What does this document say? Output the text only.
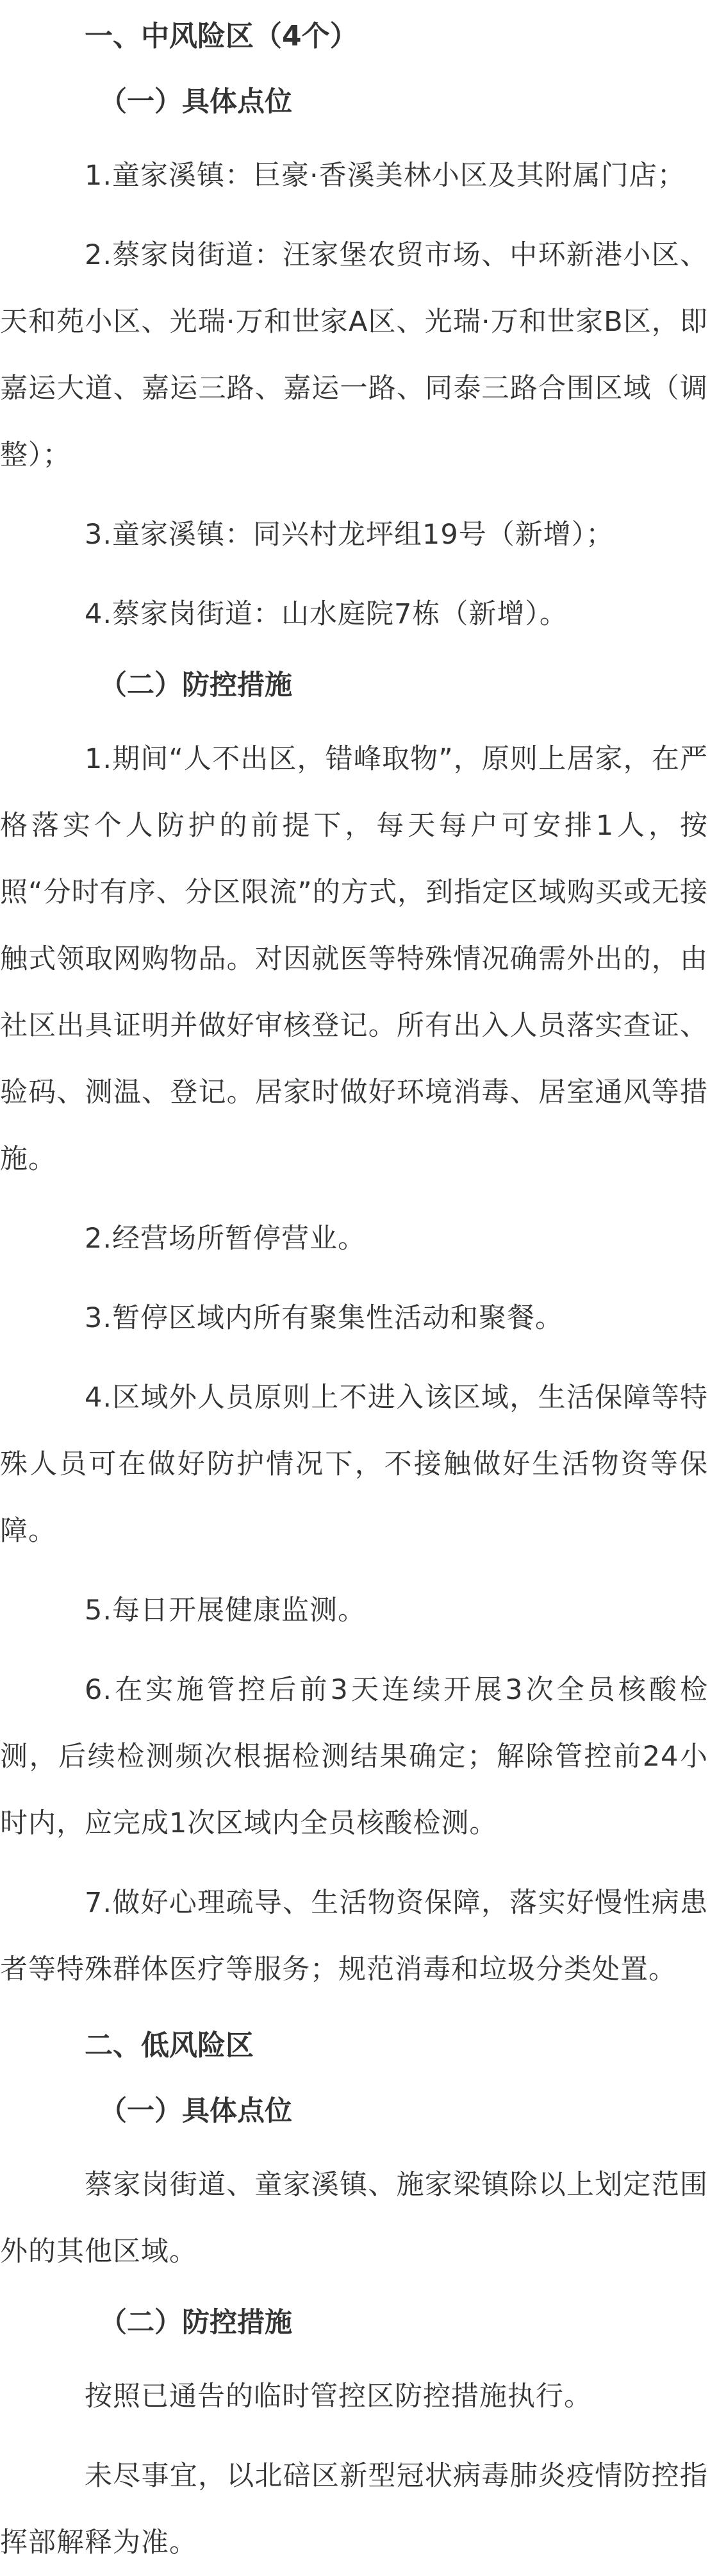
一、中风险区（4个）
（一）具体点位

1.童家溪镇：巨豪·香溪美林小区及其附属门店；

2.蔡家岗街道：汪家堡农贸市场、中环新港小区、天和苑小区、光瑞·万和世家A区、光瑞·万和世家B区，即嘉运大道、嘉运三路、嘉运一路、同泰三路合围区域（调整）；

3.童家溪镇：同兴村龙坪组19号（新增）；

4.蔡家岗街道：山水庭院7栋（新增）。

（二）防控措施

1.期间“人不出区，错峰取物”，原则上居家，在严格落实个人防护的前提下，每天每户可安排1人，按照“分时有序、分区限流”的方式，到指定区域购买或无接触式领取网购物品。对因就医等特殊情况确需外出的，由社区出具证明并做好审核登记。所有出入人员落实查证、验码、测温、登记。居家时做好环境消毒、居室通风等措施。

2.经营场所暂停营业。

3.暂停区域内所有聚集性活动和聚餐。

4.区域外人员原则上不进入该区域，生活保障等特殊人员可在做好防护情况下，不接触做好生活物资等保障。

5.每日开展健康监测。

6.在实施管控后前3天连续开展3次全员核酸检测，后续检测频次根据检测结果确定；解除管控前24小时内，应完成1次区域内全员核酸检测。

7.做好心理疏导、生活物资保障，落实好慢性病患者等特殊群体医疗等服务；规范消毒和垃圾分类处置。

二、低风险区
（一）具体点位

蔡家岗街道、童家溪镇、施家梁镇除以上划定范围外的其他区域。

（二）防控措施

按照已通告的临时管控区防控措施执行。

未尽事宜，以北碚区新型冠状病毒肺炎疫情防控指挥部解释为准。
